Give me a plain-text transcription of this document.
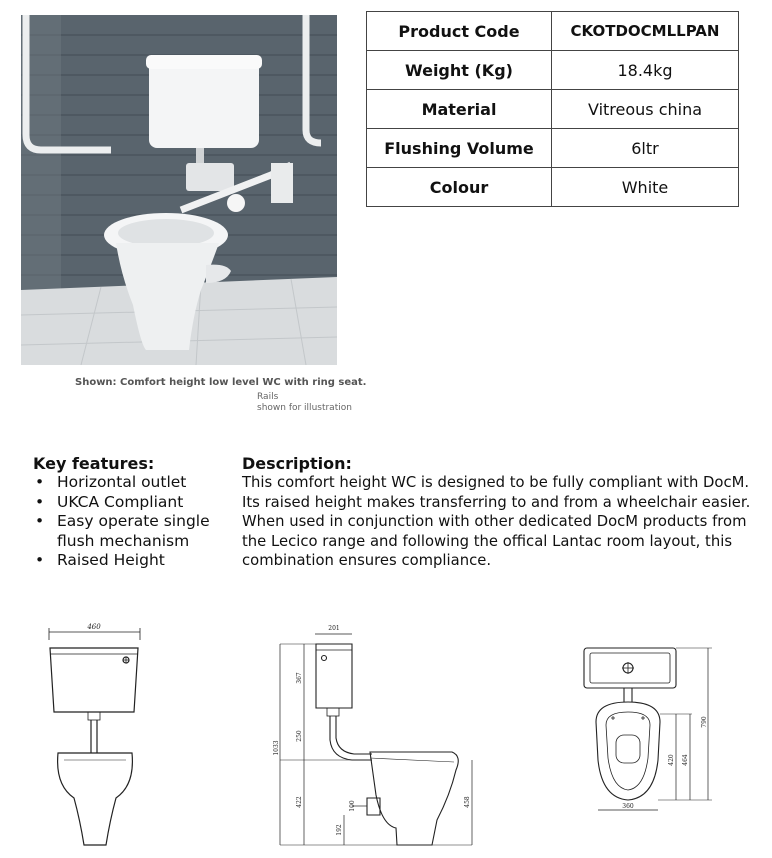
Shown: Comfort height low level WC with ring seat.
Rails
shown for illustration
Product Code	CKOTDOCMLLPAN
Weight (Kg)	18.4kg
Material	Vitreous china
Flushing Volume	6ltr
Colour	White
Key features:
• Horizontal outlet
• UKCA Compliant
• Easy operate single flush mechanism
• Raised Height
Description:

This comfort height WC is designed to be fully compliant with DocM. Its raised height makes transferring to and from a wheelchair easier. When used in conjunction with other dedicated DocM products from the Lecico range and following the offical Lantac room layout, this combination ensures compliance.

460	201
1033
367
250
422	100
192
458	360
790
420 464
